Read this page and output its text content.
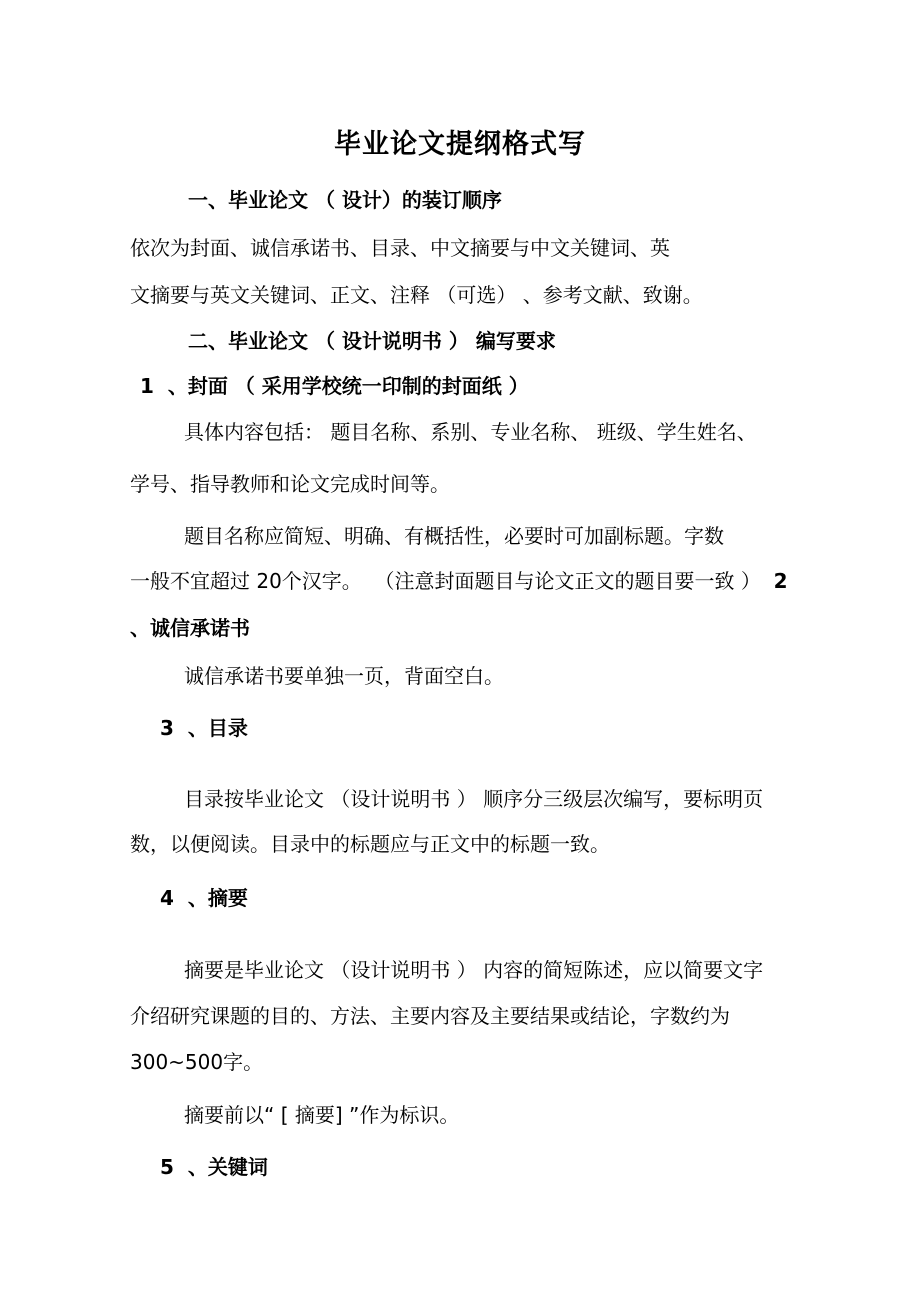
毕业论文提纲格式写
一、毕业论文 （ 设计）的装订顺序
依次为封面、诚信承诺书、目录、中文摘要与中文关键词、英
文摘要与英文关键词、正文、注释 （可选） 、参考文献、致谢。
二、毕业论文 （ 设计说明书 ） 编写要求
1  、封面 （ 采用学校统一印制的封面纸 ）
具体内容包括： 题目名称、系别、专业名称、 班级、学生姓名、
学号、指导教师和论文完成时间等。
题目名称应简短、明确、有概括性，必要时可加副标题。字数
一般不宜超过 20个汉字。  （注意封面题目与论文正文的题目要一致 ）  2
、诚信承诺书
诚信承诺书要单独一页，背面空白。
3  、目录
目录按毕业论文 （设计说明书 ） 顺序分三级层次编写，要标明页
数，以便阅读。目录中的标题应与正文中的标题一致。
4  、摘要
摘要是毕业论文 （设计说明书 ） 内容的简短陈述，应以简要文字
介绍研究课题的目的、方法、主要内容及主要结果或结论，字数约为
300~500字。
摘要前以“ [ 摘要] ”作为标识。
5  、关键词
